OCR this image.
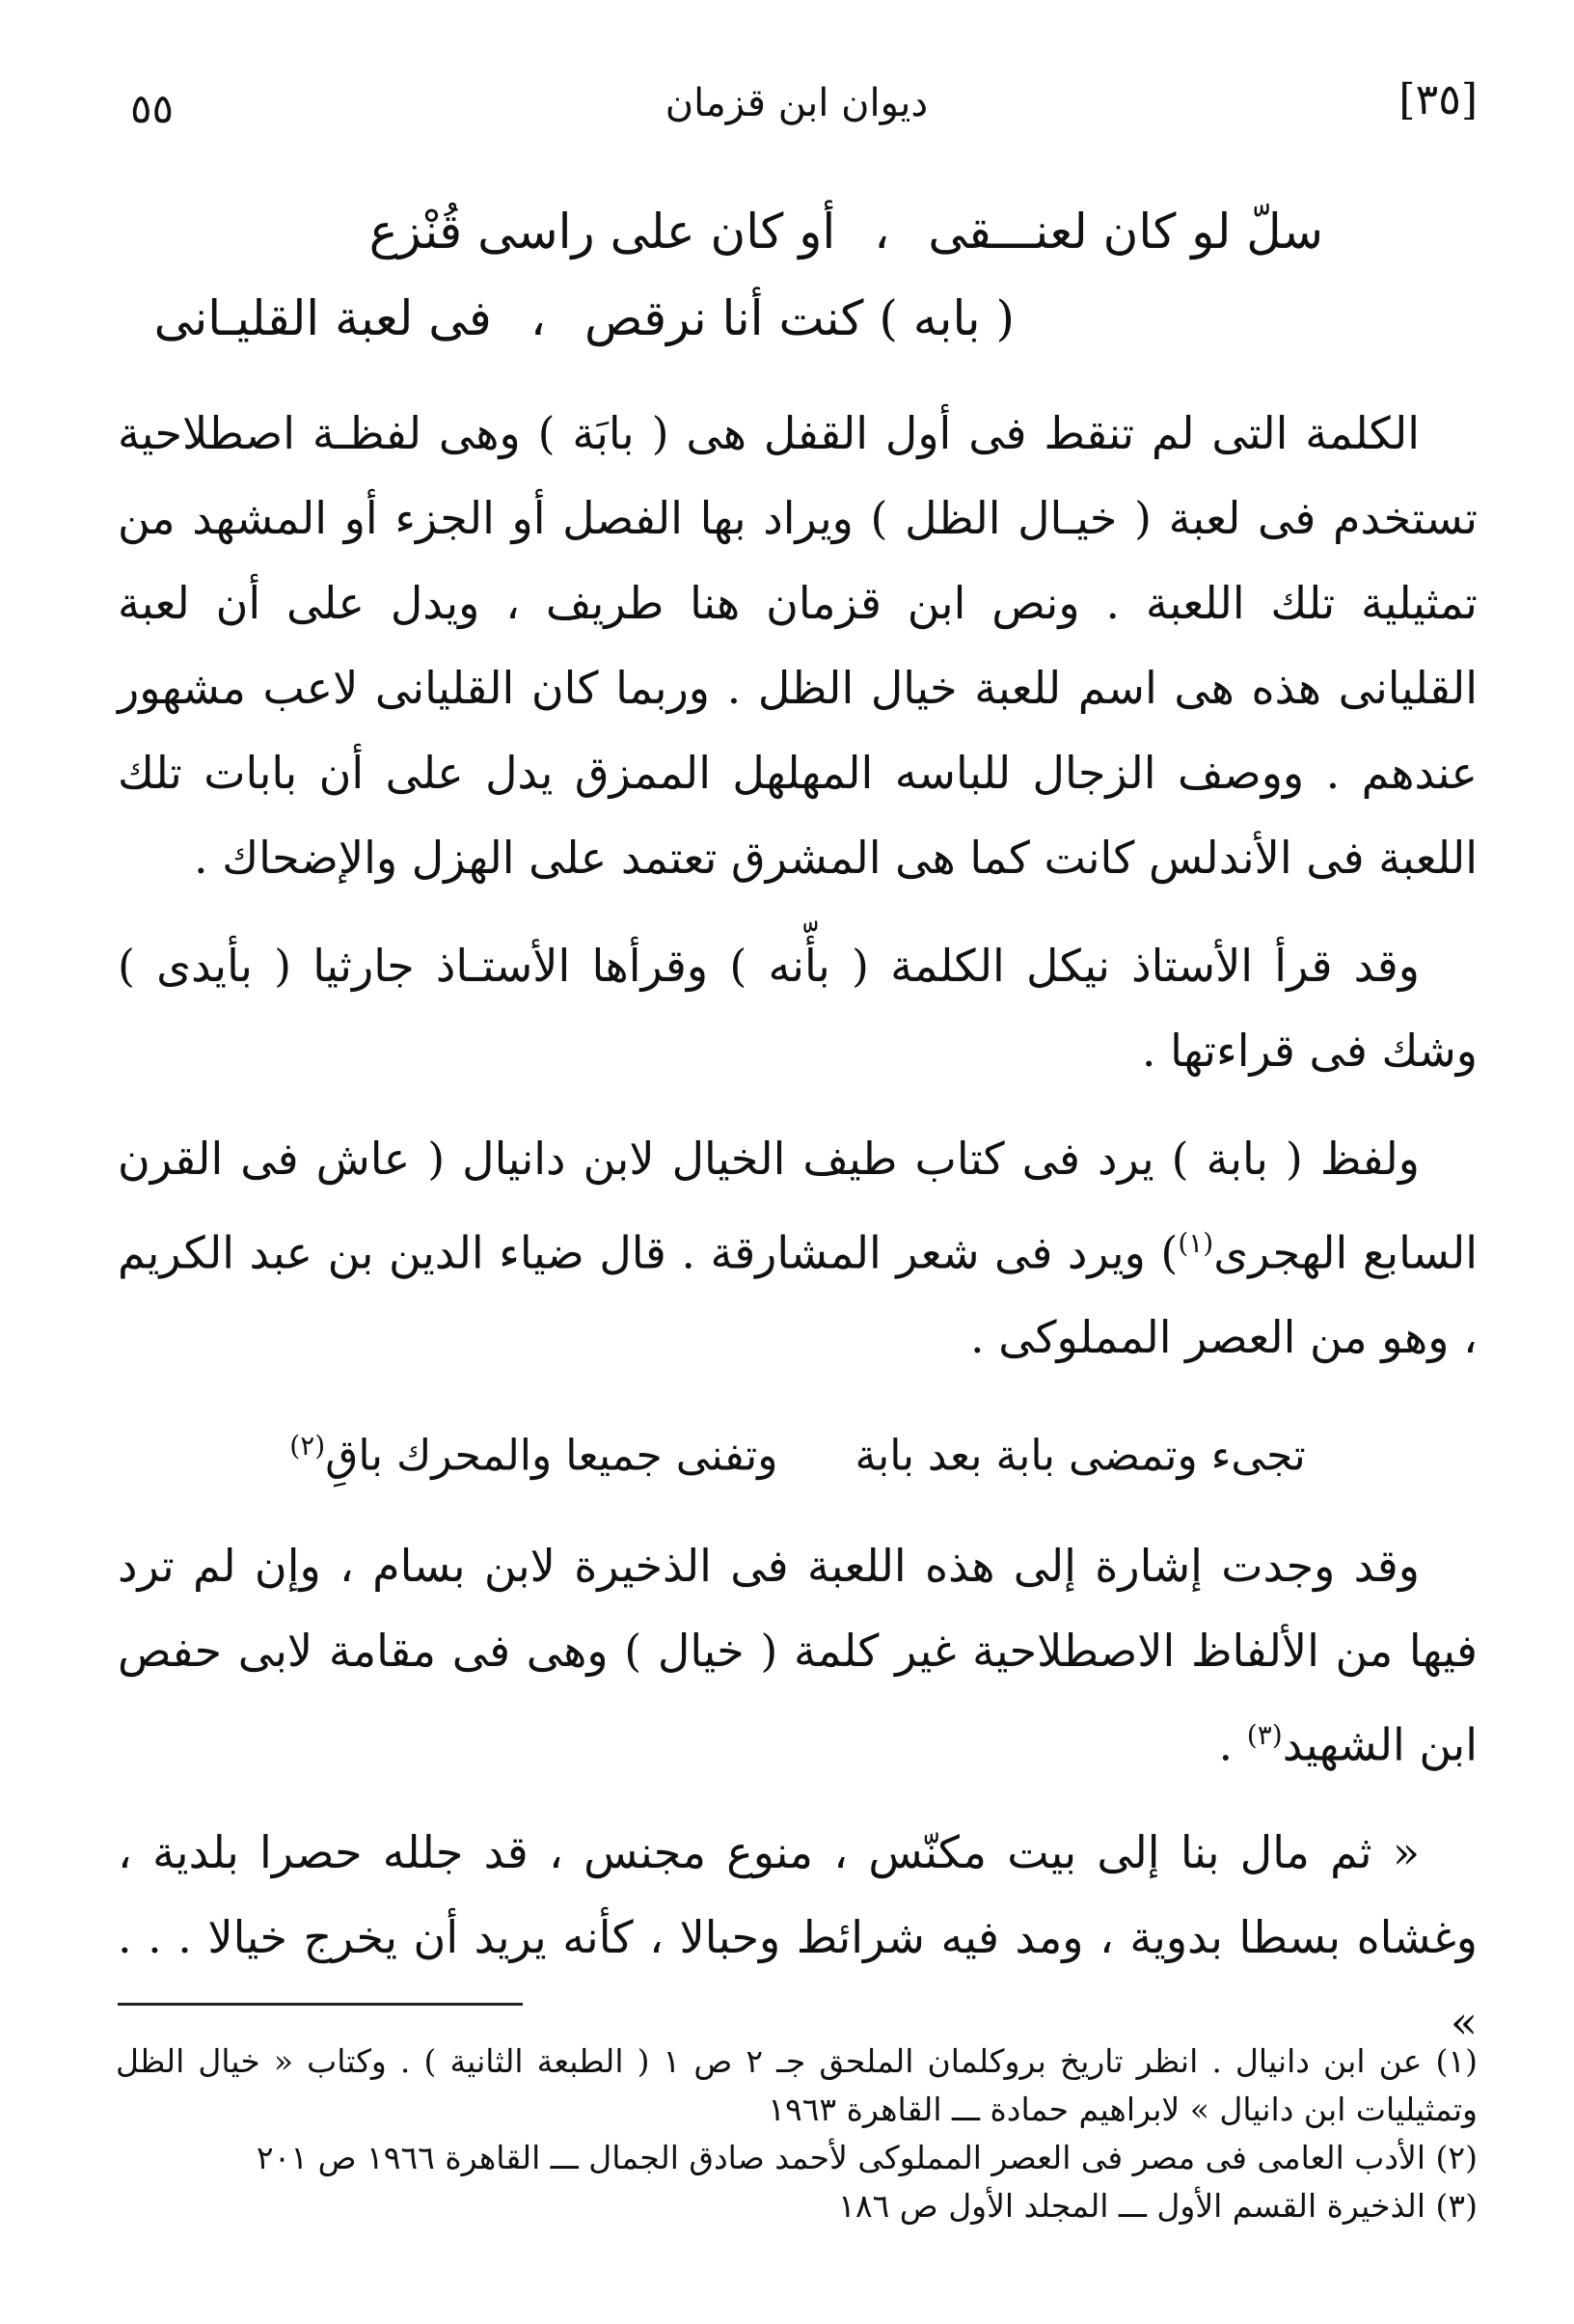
٥٥	ديوان ابن قزمان	[٣٥]
سلّ لو كان لعنـــقى،أو كان على راسى قُنْزع
( بابه ) كنت أنا نرقص،فى لعبة القليـانى

الكلمة التى لم تنقط فى أول القفل هى ( بابَة ) وهى لفظـة اصطلاحية تستخدم فى لعبة ( خيـال الظل ) ويراد بها الفصل أو الجزء أو المشهد من تمثيلية تلك اللعبة . ونص ابن قزمان هنا طريف ، ويدل على أن لعبة القليانى هذه هى اسم للعبة خيال الظل . وربما كان القليانى لاعب مشهور عندهم . ووصف الزجال للباسه المهلهل الممزق يدل على أن بابات تلك اللعبة فى الأندلس كانت كما هى المشرق تعتمد على الهزل والإضحاك .

وقد قرأ الأستاذ نيكل الكلمة ( بأّنه ) وقرأها الأستـاذ جارثيا ( بأيدى ) وشك فى قراءتها .

ولفظ ( بابة ) يرد فى كتاب طيف الخيال لابن دانيال ( عاش فى القرن السابع الهجرى$^{(١)}$) ويرد فى شعر المشارقة . قال ضياء الدين بن عبد الكريم ، وهو من العصر المملوكى .

تجىء وتمضى بابة بعد بابةوتفنى جميعا والمحرك باقِ$^{(٢)}$

وقد وجدت إشارة إلى هذه اللعبة فى الذخيرة لابن بسام ، وإن لم ترد فيها من الألفاظ الاصطلاحية غير كلمة ( خيال ) وهى فى مقامة لابى حفص ابن الشهيد$^{(٣)}$ .

« ثم مال بنا إلى بيت مكنّس ، منوع مجنس ، قد جلله حصرا بلدية ، وغشاه بسطا بدوية ، ومد فيه شرائط وحبالا ، كأنه يريد أن يخرج خيالا . . . »

(١) عن ابن دانيال . انظر تاريخ بروكلمان الملحق جـ ٢ ص ١ ( الطبعة الثانية ) . وكتاب « خيال الظل وتمثيليات ابن دانيال » لابراهيم حمادة ـــ القاهرة ١٩٦٣

(٢) الأدب العامى فى مصر فى العصر المملوكى لأحمد صادق الجمال ـــ القاهرة ١٩٦٦ ص ٢٠١

(٣) الذخيرة القسم الأول ـــ المجلد الأول ص ١٨٦
